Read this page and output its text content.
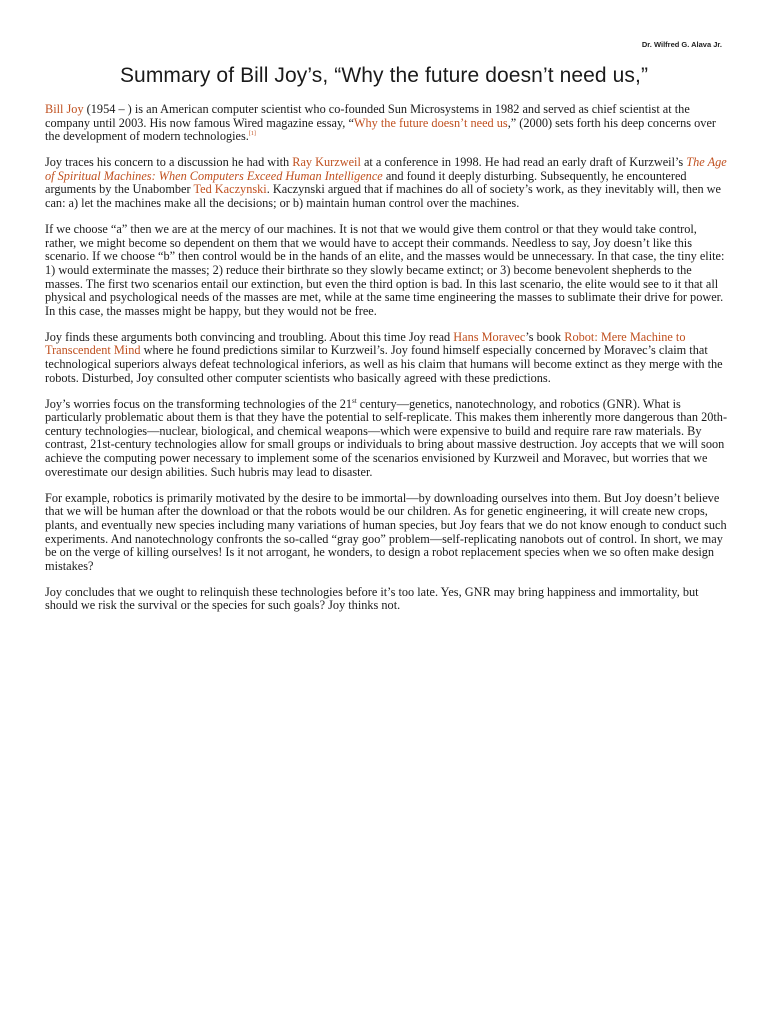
Dr. Wilfred G. Alava Jr.
Summary of Bill Joy’s, “Why the future doesn’t need us,”

Bill Joy (1954 – ) is an American computer scientist who co-founded Sun Microsystems in 1982 and served as chief scientist at the company until 2003. His now famous Wired magazine essay, “Why the future doesn’t need us,” (2000) sets forth his deep concerns over the development of modern technologies.[1]

Joy traces his concern to a discussion he had with Ray Kurzweil at a conference in 1998. He had read an early draft of Kurzweil’s The Age of Spiritual Machines: When Computers Exceed Human Intelligence and found it deeply disturbing. Subsequently, he encountered arguments by the Unabomber Ted Kaczynski. Kaczynski argued that if machines do all of society’s work, as they inevitably will, then we can: a) let the machines make all the decisions; or b) maintain human control over the machines.

If we choose “a” then we are at the mercy of our machines. It is not that we would give them control or that they would take control, rather, we might become so dependent on them that we would have to accept their commands. Needless to say, Joy doesn’t like this scenario. If we choose “b” then control would be in the hands of an elite, and the masses would be unnecessary. In that case, the tiny elite: 1) would exterminate the masses; 2) reduce their birthrate so they slowly became extinct; or 3) become benevolent shepherds to the masses. The first two scenarios entail our extinction, but even the third option is bad. In this last scenario, the elite would see to it that all physical and psychological needs of the masses are met, while at the same time engineering the masses to sublimate their drive for power. In this case, the masses might be happy, but they would not be free.

Joy finds these arguments both convincing and troubling. About this time Joy read Hans Moravec’s book Robot: Mere Machine to Transcendent Mind where he found predictions similar to Kurzweil’s. Joy found himself especially concerned by Moravec’s claim that technological superiors always defeat technological inferiors, as well as his claim that humans will become extinct as they merge with the robots. Disturbed, Joy consulted other computer scientists who basically agreed with these predictions.

Joy’s worries focus on the transforming technologies of the 21st century—genetics, nanotechnology, and robotics (GNR). What is particularly problematic about them is that they have the potential to self-replicate. This makes them inherently more dangerous than 20th-century technologies—nuclear, biological, and chemical weapons—which were expensive to build and require rare raw materials. By contrast, 21st-century technologies allow for small groups or individuals to bring about massive destruction. Joy accepts that we will soon achieve the computing power necessary to implement some of the scenarios envisioned by Kurzweil and Moravec, but worries that we overestimate our design abilities. Such hubris may lead to disaster.

For example, robotics is primarily motivated by the desire to be immortal—by downloading ourselves into them. But Joy doesn’t believe that we will be human after the download or that the robots would be our children. As for genetic engineering, it will create new crops, plants, and eventually new species including many variations of human species, but Joy fears that we do not know enough to conduct such experiments. And nanotechnology confronts the so-called “gray goo” problem—self-replicating nanobots out of control. In short, we may be on the verge of killing ourselves! Is it not arrogant, he wonders, to design a robot replacement species when we so often make design mistakes?

Joy concludes that we ought to relinquish these technologies before it’s too late. Yes, GNR may bring happiness and immortality, but should we risk the survival or the species for such goals? Joy thinks not.
